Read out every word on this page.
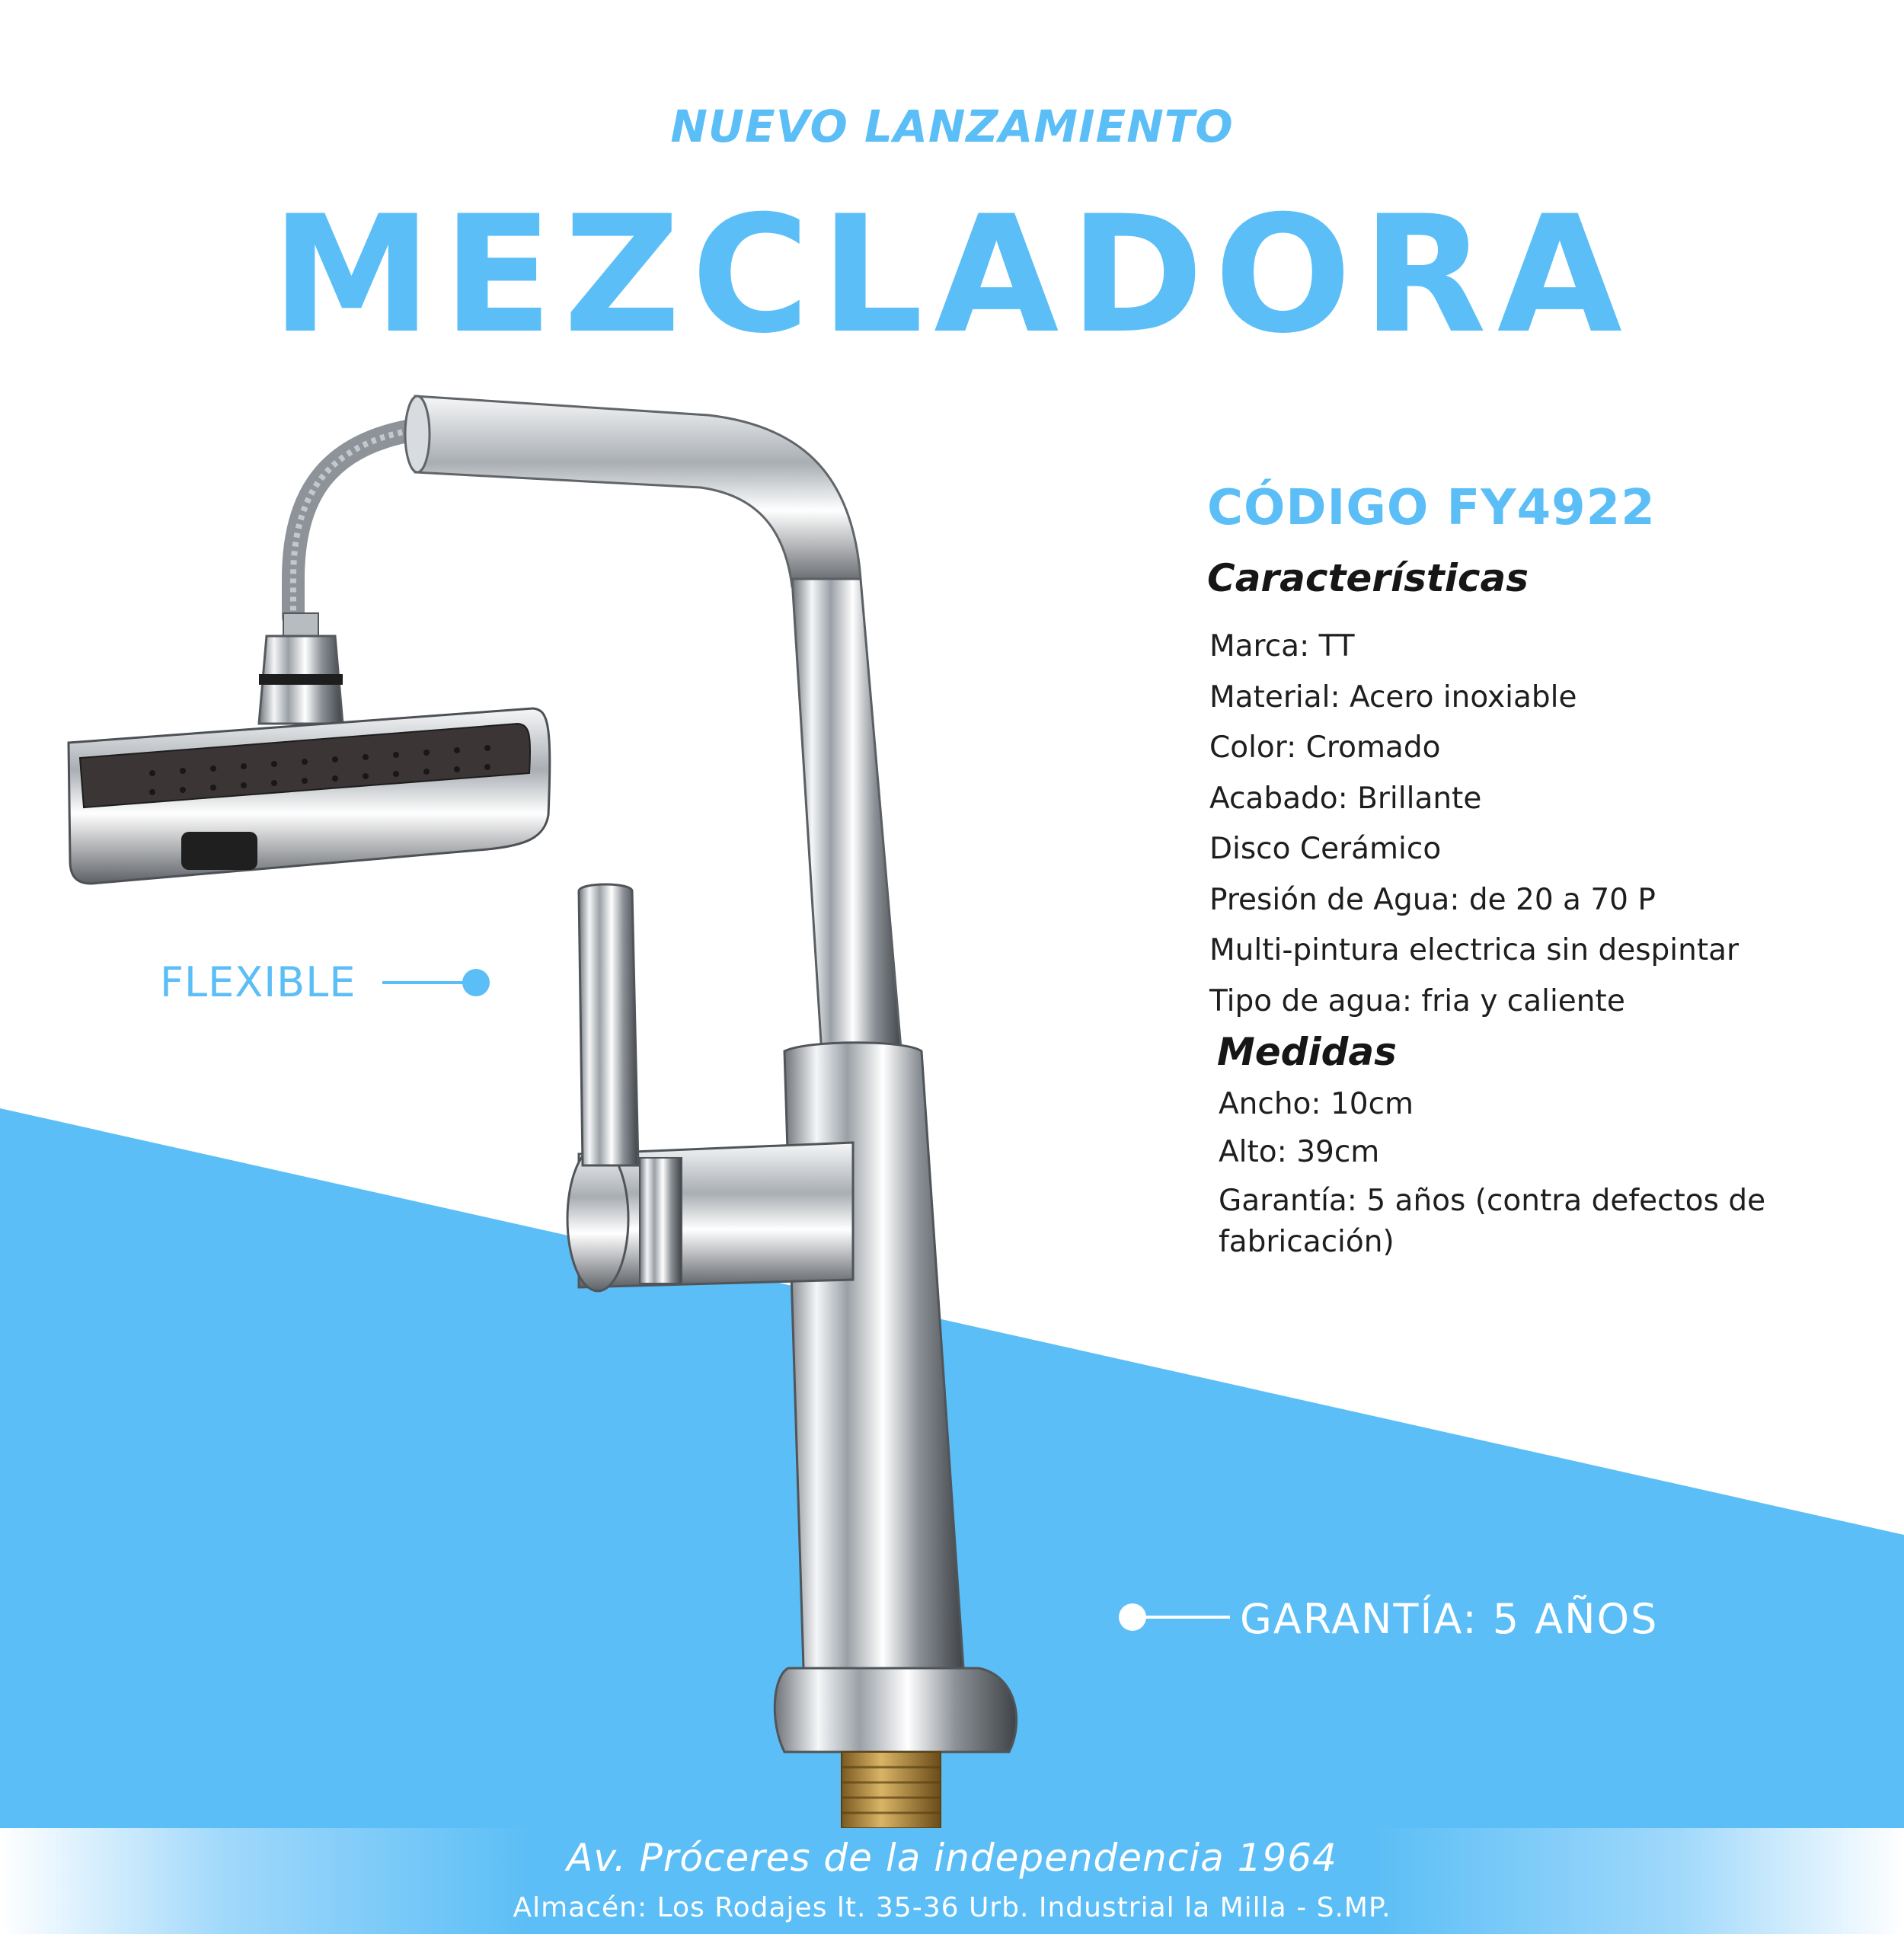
NUEVO LANZAMIENTO
MEZCLADORA
FLEXIBLE
GARANTÍA: 5 AÑOS
CÓDIGO FY4922
Características
Marca: TT
Material: Acero inoxiable
Color: Cromado
Acabado: Brillante
Disco Cerámico
Presión de Agua: de 20 a 70 P
Multi-pintura electrica sin despintar
Tipo de agua: fria y caliente
Medidas
Ancho: 10cm
Alto: 39cm
Garantía: 5 años (contra defectos de fabricación)
Av. Próceres de la independencia 1964
Almacén: Los Rodajes lt. 35-36 Urb. Industrial la Milla - S.MP.
